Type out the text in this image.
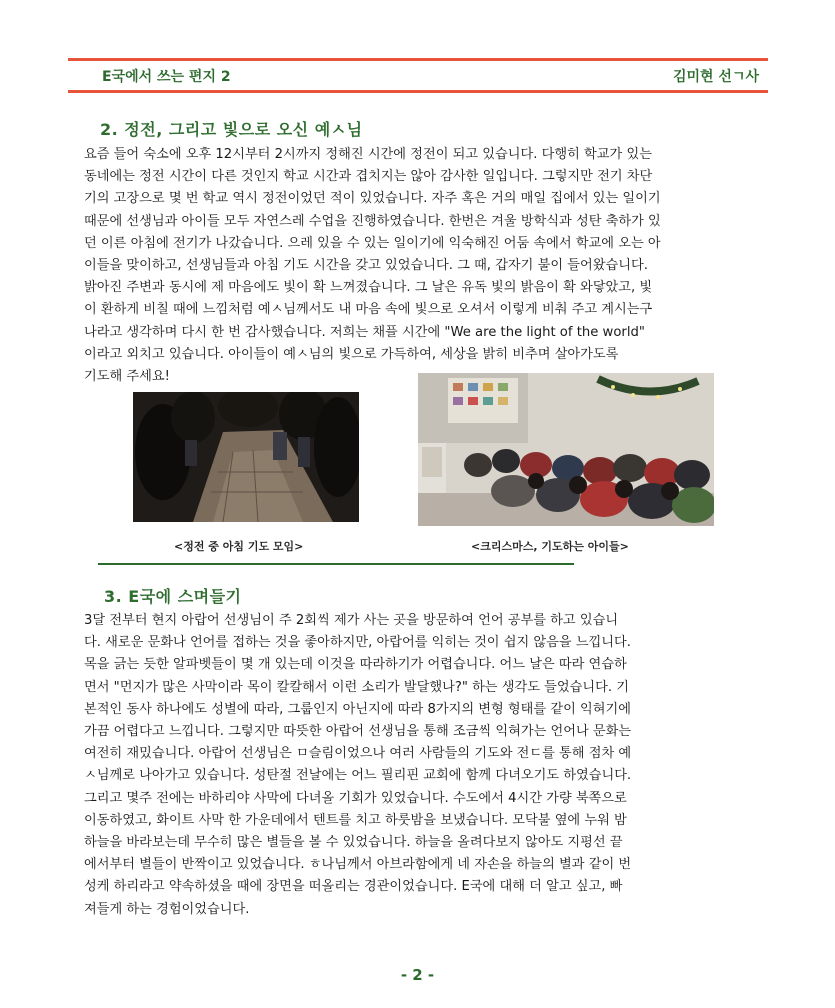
E국에서 쓰는 편지 2	김미현 선ㄱ사
2. 정전, 그리고 빛으로 오신 예ㅅ님
요즘 들어 숙소에 오후 12시부터 2시까지 정해진 시간에 정전이 되고 있습니다. 다행히 학교가 있는
동네에는 정전 시간이 다른 것인지 학교 시간과 겹치지는 않아 감사한 일입니다. 그렇지만 전기 차단
기의 고장으로 몇 번 학교 역시 정전이었던 적이 있었습니다. 자주 혹은 거의 매일 집에서 있는 일이기
때문에 선생님과 아이들 모두 자연스레 수업을 진행하였습니다. 한번은 겨울 방학식과 성탄 축하가 있
던 이른 아침에 전기가 나갔습니다. 으레 있을 수 있는 일이기에 익숙해진 어둠 속에서 학교에 오는 아
이들을 맞이하고, 선생님들과 아침 기도 시간을 갖고 있었습니다. 그 때, 갑자기 불이 들어왔습니다.
밝아진 주변과 동시에 제 마음에도 빛이 확 느껴졌습니다. 그 날은 유독 빛의 밝음이 확 와닿았고, 빛
이 환하게 비칠 때에 느낌처럼 예ㅅ님께서도 내 마음 속에 빛으로 오셔서 이렇게 비춰 주고 계시는구
나라고 생각하며 다시 한 번 감사했습니다. 저희는 채플 시간에 "We are the light of the world"
이라고 외치고 있습니다. 아이들이 예ㅅ님의 빛으로 가득하여, 세상을 밝히 비추며 살아가도록
기도해 주세요!
<정전 중 아침 기도 모임>	<크리스마스, 기도하는 아이들>
3. E국에 스며들기
3달 전부터 현지 아랍어 선생님이 주 2회씩 제가 사는 곳을 방문하여 언어 공부를 하고 있습니
다. 새로운 문화나 언어를 접하는 것을 좋아하지만, 아랍어를 익히는 것이 쉽지 않음을 느낍니다.
목을 긁는 듯한 알파벳들이 몇 개 있는데 이것을 따라하기가 어렵습니다. 어느 날은 따라 연습하
면서 "먼지가 많은 사막이라 목이 칼칼해서 이런 소리가 발달했나?" 하는 생각도 들었습니다. 기
본적인 동사 하나에도 성별에 따라, 그룹인지 아닌지에 따라 8가지의 변형 형태를 같이 익혀기에
가끔 어렵다고 느낍니다. 그렇지만 따뜻한 아랍어 선생님을 통해 조금씩 익혀가는 언어나 문화는
여전히 재밌습니다. 아랍어 선생님은 ㅁ슬림이었으나 여러 사람들의 기도와 전ㄷ를 통해 점차 예
ㅅ님께로 나아가고 있습니다. 성탄절 전날에는 어느 필리핀 교회에 함께 다녀오기도 하였습니다.
그리고 몇주 전에는 바하리야 사막에 다녀올 기회가 있었습니다. 수도에서 4시간 가량 북쪽으로
이동하였고, 화이트 사막 한 가운데에서 텐트를 치고 하룻밤을 보냈습니다. 모닥불 옆에 누워 밤
하늘을 바라보는데 무수히 많은 별들을 볼 수 있었습니다. 하늘을 올려다보지 않아도 지평선 끝
에서부터 별들이 반짝이고 있었습니다. ㅎ나님께서 아브라함에게 네 자손을 하늘의 별과 같이 번
성케 하리라고 약속하셨을 때에 장면을 떠올리는 경관이었습니다. E국에 대해 더 알고 싶고, 빠
져들게 하는 경험이었습니다.
- 2 -
